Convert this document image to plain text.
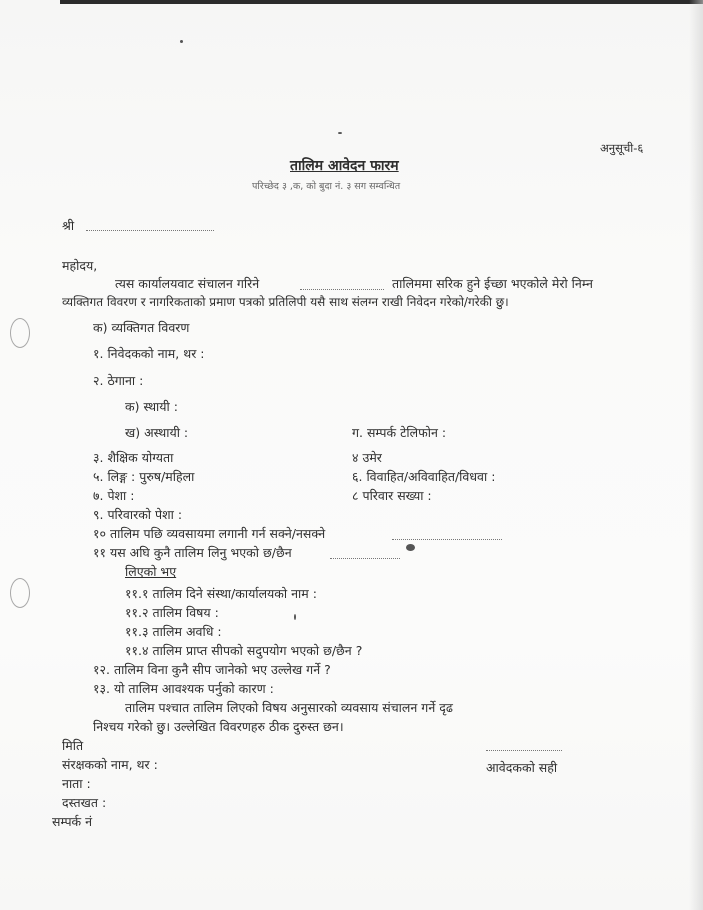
अनुसूची-६
तालिम आवेदन फारम
परिच्छेद ३ ,क, को बुदा नं. ३ सग सम्वन्धित
श्री
महोदय,
त्यस कार्यालयवाट संचालन गरिने	तालिममा सरिक हुने ईच्छा भएकोले मेरो निम्न
व्यक्तिगत विवरण र नागरिकताको प्रमाण पत्रको प्रतिलिपी यसै साथ संलग्न राखी निवेदन गरेको/गरेकी छु।
क) व्यक्तिगत विवरण
१. निवेदकको नाम, थर :
२. ठेगाना :
क) स्थायी :
ख) अस्थायी :	ग. सम्पर्क टेलिफोन :
३. शैक्षिक योग्यता	४ उमेर
५. लिङ्ग : पुरुष/महिला	६. विवाहित/अविवाहित/विधवा :
७. पेशा :	८ परिवार सख्या :
९. परिवारको पेशा :
१० तालिम पछि व्यवसायमा लगानी गर्न सक्ने/नसक्ने
११ यस अघि कुनै तालिम लिनु भएको छ/छैन
लिएको भए
११.१ तालिम दिने संस्था/कार्यालयको नाम :
११.२ तालिम विषय :
११.३ तालिम अवधि :
११.४ तालिम प्राप्त सीपको सदुपयोग भएको छ/छैन ?
१२. तालिम विना कुनै सीप जानेको भए उल्लेख गर्ने ?
१३. यो तालिम आवश्यक पर्नुको कारण :
तालिम पश्चात तालिम लिएको विषय अनुसारको व्यवसाय संचालन गर्ने दृढ
निश्चय गरेको छु। उल्लेखित विवरणहरु ठीक दुरुस्त छन।
मिति
संरक्षकको नाम, थर :	आवेदकको सही
नाता :
दस्तखत :
सम्पर्क नं
